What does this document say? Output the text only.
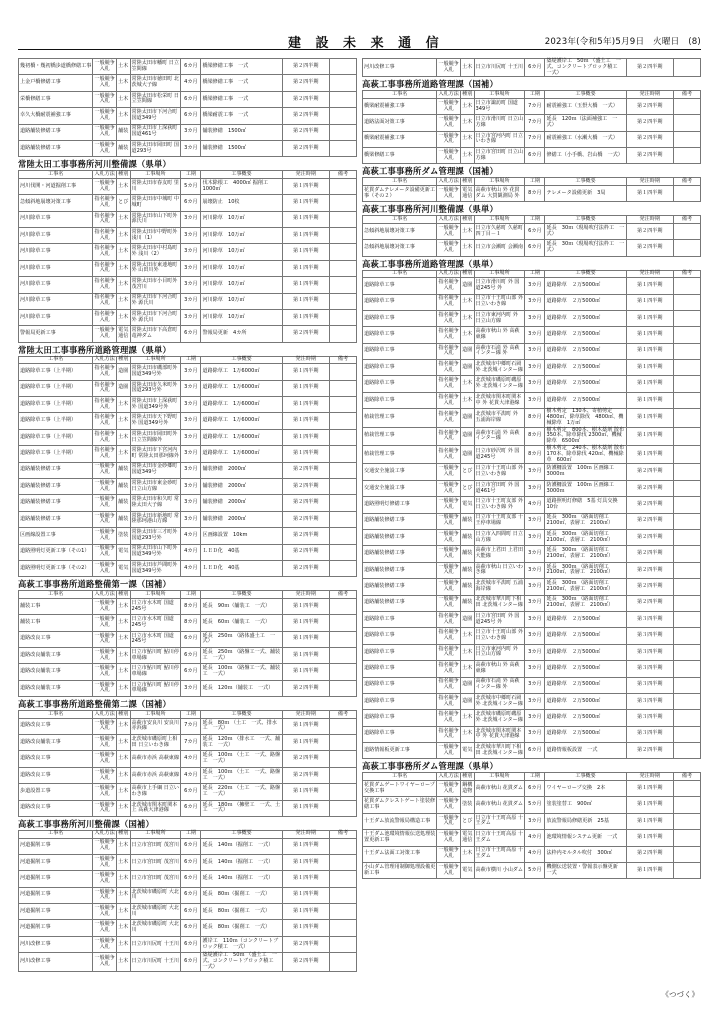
建 設 未 来 通 信	2023年(令和5年)5月9日　火曜日　(8)
幾初橋・幾初橋歩道橋修繕工事	一般競争入札	土木	常陸太田市幡町 日立笠間線	6カ月	橋梁修繕工事　一式	第２四半期	
上金戸橋修繕工事	一般競争入札	土木	常陸太田市徳田町 北茨城大子線	4カ月	橋梁修繕工事　一式	第２四半期	
栄橋修繕工事	一般競争入札	土木	常陸太田市松栄町 日立笠間線	6カ月	橋梁修繕工事　一式	第２四半期	
幸久大橋耐震補強工事	一般競争入札	土木	常陸太田市下河合町 国道349号	6カ月	橋梁耐震工事　一式	第２四半期	
道路舗装修繕工事	一般競争入札	舗装	常陸太田市上深荻町 国道461号	3カ月	舗装修繕　1500㎡	第２四半期	
道路舗装修繕工事	一般競争入札	舗装	常陸太田市岡田町 国道293号	3カ月	舗装修繕　1500㎡	第２四半期	
常陸太田工事事務所河川整備課（県単）
工事名	入札方法	種別	工事場所	工期	工事概要	発注時期	備考
河川伐開・河道掘削工事	一般競争入札	土木	常陸太田市春友町 里川	5カ月	伐木除根工　4000㎡ 掘削工　1000㎥	第１四半期	
急傾斜地崩壊対策工事	指名競争入札	とび	常陸太田市中城町 中城町	6カ月	崩壊防止　10枚	第１四半期	
河川除草工事	指名競争入札	土木	常陸太田市山下町外 源氏川	3カ月	河川除草　10万㎡	第１四半期	
河川除草工事	指名競争入札	土木	常陸太田市中野町外 浅川（1）	3カ月	河川除草　10万㎡	第１四半期	
河川除草工事	指名競争入札	土木	常陸太田市中村島町外 浅川（2）	3カ月	河川除草　10万㎡	第１四半期	
河川除草工事	指名競争入札	土木	常陸太田市東連地町外 山田川外	3カ月	河川除草　10万㎡	第１四半期	
河川除草工事	指名競争入札	土木	常陸太田市小目町外 茂宮川	3カ月	河川除草　10万㎡	第１四半期	
河川除草工事	指名競争入札	土木	常陸太田市下河合町外 源氏川	3カ月	河川除草　10万㎡	第１四半期	
河川除草工事	指名競争入札	土木	常陸太田市下河合町外 源氏川	3カ月	河川除草　10万㎡	第１四半期	
警報局更新工事	一般競争入札	電気通信	常陸太田市下高倉町 竜神ダム	6カ月	警報局更新　4カ所	第２四半期	
常陸太田工事事務所道路管理課（県単）
工事名	入札方法	種別	工事場所	工期	工事概要	発注時期	備考
道路除草工事（上半期）	指名競争入札	造園	常陸太田市磯部町外 国道349号外	3カ月	道路除草工　1万6000㎡	第１四半期	
道路除草工事（上半期）	指名競争入札	造園	常陸太田市久米町外 国道293号外	3カ月	道路除草工　1万6000㎡	第１四半期	
道路除草工事（上半期）	指名競争入札	土木	常陸太田市上深荻町外 国道349号外	3カ月	道路除草工　1万6000㎡	第１四半期	
道路除草工事（上半期）	指名競争入札	土木	常陸太田市天下野町外 国道349号外	3カ月	道路除草工　1万6000㎡	第１四半期	
道路除草工事（上半期）	指名競争入札	土木	常陸太田市岡田町外 日立笠間線外	3カ月	道路除草工　1万6000㎡	第１四半期	
道路除草工事（上半期）	指名競争入札	土木	常陸太田市下宮河内町 常陸太田那珂線外	3カ月	道路除草工　1万6000㎡	第１四半期	
道路舗装修繕工事	一般競争入札	舗装	常陸太田市金砂郷町 国道349号	3カ月	舗装修繕　2000㎡	第２四半期	
道路舗装修繕工事	一般競争入札	舗装	常陸太田市東金砂町 日立山方線	3カ月	舗装修繕　2000㎡	第２四半期	
道路舗装修繕工事	一般競争入札	舗装	常陸太田市和久町 常陸太田大子線	3カ月	舗装修繕　2000㎡	第２四半期	
道路舗装修繕工事	一般競争入札	舗装	常陸太田市新地町 常陸那珂港山方線	3カ月	舗装修繕　2000㎡	第２四半期	
区画線設置工事	一般競争入札	塗装	常陸太田市三才町外 国道293号外	4カ月	区画線設置　10km	第２四半期	
道路照明灯更新工事（その1）	一般競争入札	電気	常陸太田市山下町外 国道349号外	4カ月	ＬＥＤ化　40基	第２四半期	
道路照明灯更新工事（その2）	一般競争入札	電気	常陸太田市芦間町外 国道349号外	4カ月	ＬＥＤ化　40基	第２四半期	
高萩工事事務所道路整備第一課（国補）
工事名	入札方法	種別	工事場所	工期	工事概要	発注時期	備考
舗装工事	一般競争入札	土木	日立市水木町 国道245号	8カ月	延長　90ｍ（舗装工　一式）	第１四半期	
舗装工事	一般競争入札	土木	日立市水木町 国道245号	8カ月	延長　60ｍ（舗装工　一式）	第１四半期	
道路改良工事	一般競争入札	土木	日立市水木町 国道245号	6カ月	延長　250ｍ （路体盛土工　一式）	第１四半期	
道路改良舗装工事	一般競争入札	土木	日立市鮎川町 鮎川停車場線	6カ月	延長　250ｍ （路盤工一式、舗装工　一式）	第１四半期	
道路改良舗装工事	一般競争入札	土木	日立市鮎川町 鮎川停車場線	6カ月	延長　100ｍ （路盤工一式、舗装工　一式）	第１四半期	
道路改良舗装工事	一般競争入札	土木	日立市鮎川町 鮎川停車場線	3カ月	延長　120ｍ（舗装工　一式）	第２四半期	
高萩工事事務所道路整備第二課（国補）
工事名	入札方法	種別	工事場所	工期	工事概要	発注時期	備考
道路改良工事	一般競争入札	土木	高萩市安良川 安良川赤浜線	7カ月	延長　80ｍ （土工　一式、排水工　一式）	第１四半期	
道路改良舗装工事	一般競争入札	土木	北茨城市磯原町上相田 日立いわき線	7カ月	延長　120ｍ （排水工　一式、舗装工　一式）	第１四半期	
道路改良工事	一般競争入札	土木	高萩市赤浜 高萩東線	4カ月	延長　100ｍ （土工　一式、路盤工　一式）	第２四半期	
道路改良工事	一般競争入札	土木	高萩市赤浜 高萩東線	4カ月	延長　100ｍ （土工　一式、路盤工　一式）	第２四半期	
歩道設置工事	一般競争入札	土木	高萩市上手綱 日立いわき線	6カ月	延長　220ｍ （土工　一式、路盤工　一式）	第１四半期	
道路改良工事	一般競争入札	土木	北茨城市関本町関本上 高萩大津港線	6カ月	延長　180ｍ （擁壁工　一式、土工　一式）	第１四半期	
高萩工事事務所河川整備課（国補）
工事名	入札方法	種別	工事場所	工期	工事概要	発注時期	備考
河道掘削工事	一般競争入札	土木	日立市宮田町 茂宮川	6カ月	延長　140ｍ（掘削工　一式）	第１四半期	
河道掘削工事	一般競争入札	土木	日立市宮田町 茂宮川	6カ月	延長　140ｍ（掘削工　一式）	第１四半期	
河道掘削工事	一般競争入札	土木	日立市宮田町 茂宮川	6カ月	延長　140ｍ（掘削工　一式）	第１四半期	
河道掘削工事	一般競争入札	土木	北茨城市磯原町 大北川	6カ月	延長　80ｍ（掘削工　一式）	第１四半期	
河道掘削工事	一般競争入札	土木	北茨城市磯原町 大北川	6カ月	延長　80ｍ（掘削工　一式）	第１四半期	
河道掘削工事	一般競争入札	土木	北茨城市磯原町 大北川	6カ月	延長　80ｍ（掘削工　一式）	第１四半期	
河川改修工事	一般競争入札	土木	日立市川尻町 十王川	6カ月	護岸工　110ｍ（コンクリートブロック積工　一式）	第２四半期	
河川改修工事	一般競争入札	土木	日立市川尻町 十王川	6カ月	築堤護岸工　50ｍ （盛土工　一式、コンクリートブロック積工　一式）	第２四半期	
河川改修工事	一般競争入札	土木	日立市川尻町 十王川	6カ月	築堤護岸工　50ｍ （盛土工　一式、コンクリートブロック積工　一式）	第２四半期	
高萩工事事務所道路管理課（国補）
工事名	入札方法	種別	工事場所	工期	工事概要	発注時期	備考
橋梁耐震補強工事	一般競争入札	土木	日立市諏訪町 国道349号	7カ月	耐震補強工（玉摂大橋　一式）	第２四半期	
道路法面対策工事	一般競争入札	土木	日立市滑川町 日立山方線	7カ月	延長　120ｍ（法面補強工　一式）	第２四半期	
橋梁耐震補強工事	一般競争入札	土木	日立市宮河内町 日立いわき線	7カ月	耐震補強工（水瀬大橋　一式）	第２四半期	
橋梁修繕工事	一般競争入札	土木	日立市宮田町 日立山方線	6カ月	修繕工（小手橋、岩山橋　一式）	第２四半期	
高萩工事事務所ダム管理課（国補）
工事名	入札方法	種別	工事場所	工期	工事概要	発注時期	備考
花貫ダムテレメータ設備更新工事（その２）	一般競争入札	電気通信	高萩市秋山 外 花貫ダム 大賀観測局 外	8カ月	テレメータ設備更新　3局	第１四半期	
高萩工事事務所河川整備課（県単）
工事名	入札方法	種別	工事場所	工期	工事概要	発注時期	備考
急傾斜地崩壊対策工事	一般競争入札	土木	日立市久慈町 久慈町四丁目－１	6カ月	延長　30ｍ（現場吹付法枠工　一式）	第２四半期	
急傾斜地崩壊対策工事	一般競争入札	土木	日立市会瀬町 会瀬南	6カ月	延長　30ｍ（現場吹付法枠工　一式）	第２四半期	
高萩工事事務所道路管理課（県単）
工事名	入札方法	種別	工事場所	工期	工事概要	発注時期	備考
道路除草工事	指名競争入札	造園	日立市滑川町 外 国道245号 外	3カ月	道路除草　２万5000㎡	第１四半期	
道路除草工事	指名競争入札	土木	日立市十王町山部 外 日立いわき線	3カ月	道路除草　２万5000㎡	第１四半期	
道路除草工事	指名競争入札	土木	日立市東河内町 外 日立山方線	3カ月	道路除草　２万5000㎡	第１四半期	
道路除草工事	指名競争入札	土木	高萩市秋山 外 高萩東線	3カ月	道路除草　２万5000㎡	第１四半期	
道路除草工事	指名競争入札	造園	高萩市石滝 外 高萩インター線 外	3カ月	道路除草　２万5000㎡	第１四半期	
道路除草工事	指名競争入札	造園	北茨城市中郷町石岡 外 北茨城インター線	3カ月	道路除草　２万5000㎡	第１四半期	
道路除草工事	指名競争入札	土木	北茨城市磯原町磯原 外 北茨城インター線	3カ月	道路除草　２万5000㎡	第１四半期	
道路除草工事	指名競争入札	土木	北茨城市関本町関本中 外 花貫大津港線	3カ月	道路除草　２万5000㎡	第１四半期	
植栽管理工事	指名競争入札	造園	北茨城市平潟町 外 五浦海岸線	8カ月	樹木剪定　130本、寄植剪定 4800㎡、除草除伐　4800㎡、機械除草　1万㎡	第１四半期	
植栽管理工事	指名競争入札	造園	高萩市石滝 外 高萩インター線	8カ月	樹木剪定　800本、樹木薬剤 散布　350本、除草除伐 2300㎡、機械除草　6500㎡	第１四半期	
植栽管理工事	指名競争入札	造園	日立市砂沢町 外 国道245号	8カ月	樹木剪定　240本、樹木薬剤 散布　170本、除草除伐 420㎡、機械除草　600㎡	第１四半期	
交通安全施設工事	一般競争入札	とび	日立市十王町山部 外 日立いわき線	3カ月	防護柵設置　100ｍ 区画線工　3000ｍ	第２四半期	
交通安全施設工事	一般競争入札	とび	日立市宮田町 外 国道461号	3カ月	防護柵設置　100ｍ 区画線工　3000ｍ	第２四半期	
道路照明灯修繕工事	一般競争入札	電気	日立市十王町友部 外 日立いわき線 外	4カ月	道路照明灯修繕　5基 灯具交換　10台	第２四半期	
道路舗装修繕工事	一般競争入札	舗装	日立市十王町友部 十王停車場線	3カ月	延長　300ｍ （路面切削工　2100㎡、表層工　2100㎡）	第２四半期	
道路舗装修繕工事	一般競争入札	舗装	日立市入四間町 日立山方線	3カ月	延長　300ｍ （路面切削工　2100㎡、表層工　2100㎡）	第２四半期	
道路舗装修繕工事	一般競争入札	舗装	高萩市上君田 上君田大能線	3カ月	延長　300ｍ （路面切削工　2100㎡、表層工　2100㎡）	第２四半期	
道路舗装修繕工事	一般競争入札	舗装	高萩市秋山 日立いわき線	3カ月	延長　300ｍ （路面切削工　2100㎡、表層工　2100㎡）	第２四半期	
道路舗装修繕工事	一般競争入札	舗装	北茨城市平潟町 五浦海岸線	3カ月	延長　300ｍ （路面切削工　2100㎡、表層工　2100㎡）	第２四半期	
道路舗装修繕工事	一般競争入札	舗装	北茨城市華川町下相田 北茨城インター線	3カ月	延長　300ｍ （路面切削工　2100㎡、表層工　2100㎡）	第２四半期	
道路除草工事	指名競争入札	造園	日立市宮田町 外 国道245号 外	3カ月	道路除草　２万5000㎡	第３四半期	
道路除草工事	指名競争入札	土木	日立市十王町山部 外 日立いわき線	3カ月	道路除草　２万5000㎡	第３四半期	
道路除草工事	指名競争入札	土木	日立市東河内町 外 日立山方線	3カ月	道路除草　２万5000㎡	第３四半期	
道路除草工事	指名競争入札	土木	高萩市秋山 外 高萩東線	3カ月	道路除草　２万5000㎡	第３四半期	
道路除草工事	指名競争入札	造園	高萩市石滝 外 高萩インター線 外	3カ月	道路除草　２万5000㎡	第３四半期	
道路除草工事	指名競争入札	造園	北茨城市中郷町石岡 外 北茨城インター線	3カ月	道路除草　２万5000㎡	第３四半期	
道路除草工事	指名競争入札	土木	北茨城市磯原町磯原 外 北茨城インター線	3カ月	道路除草　２万5000㎡	第３四半期	
道路除草工事	指名競争入札	土木	北茨城市関本町関本中 外 花貫大津港線	3カ月	道路除草　２万5000㎡	第３四半期	
道路情報板更新工事	一般競争入札	電気	北茨城市華川町下相田 北茨城インター線	6カ月	道路情報板設置　一式	第２四半期	
高萩工事事務所ダム管理課（県単）
工事名	入札方法	種別	工事場所	工期	工事概要	発注時期	備考
花貫ダムゲートワイヤーロープ交換工事	一般競争入札	鋼構造物	高萩市秋山 花貫ダム	6カ月	ワイヤーロープ交換　2本	第１四半期	
花貫ダムクレストゲート塗装修繕工事	一般競争入札	塗装	高萩市秋山 花貫ダム	5カ月	塗装塗替工　900㎡	第１四半期	
十王ダム放流警報局構造工事	一般競争入札	とび	日立市十王町高原 十王ダム	3カ月	放流警報局修繕更新　25基	第１四半期	
十王ダム池環境情報伝送処理装置更新工事	一般競争入札	電気通信	日立市十王町高原 十王ダム	4カ月	池環境情報システム更新　一式	第１四半期	
十王ダム法面工対策工事	一般競争入札	土木	日立市十王町高原 十王ダム	4カ月	法枠内モルタル吹付　300㎡	第２四半期	
小山ダム管理用制御処理設備更新工事	一般競争入札	電気	高萩市横川 小山ダム	5カ月	機側伝送装置・警報表示盤更新　一式	第１四半期	
《つづく》
